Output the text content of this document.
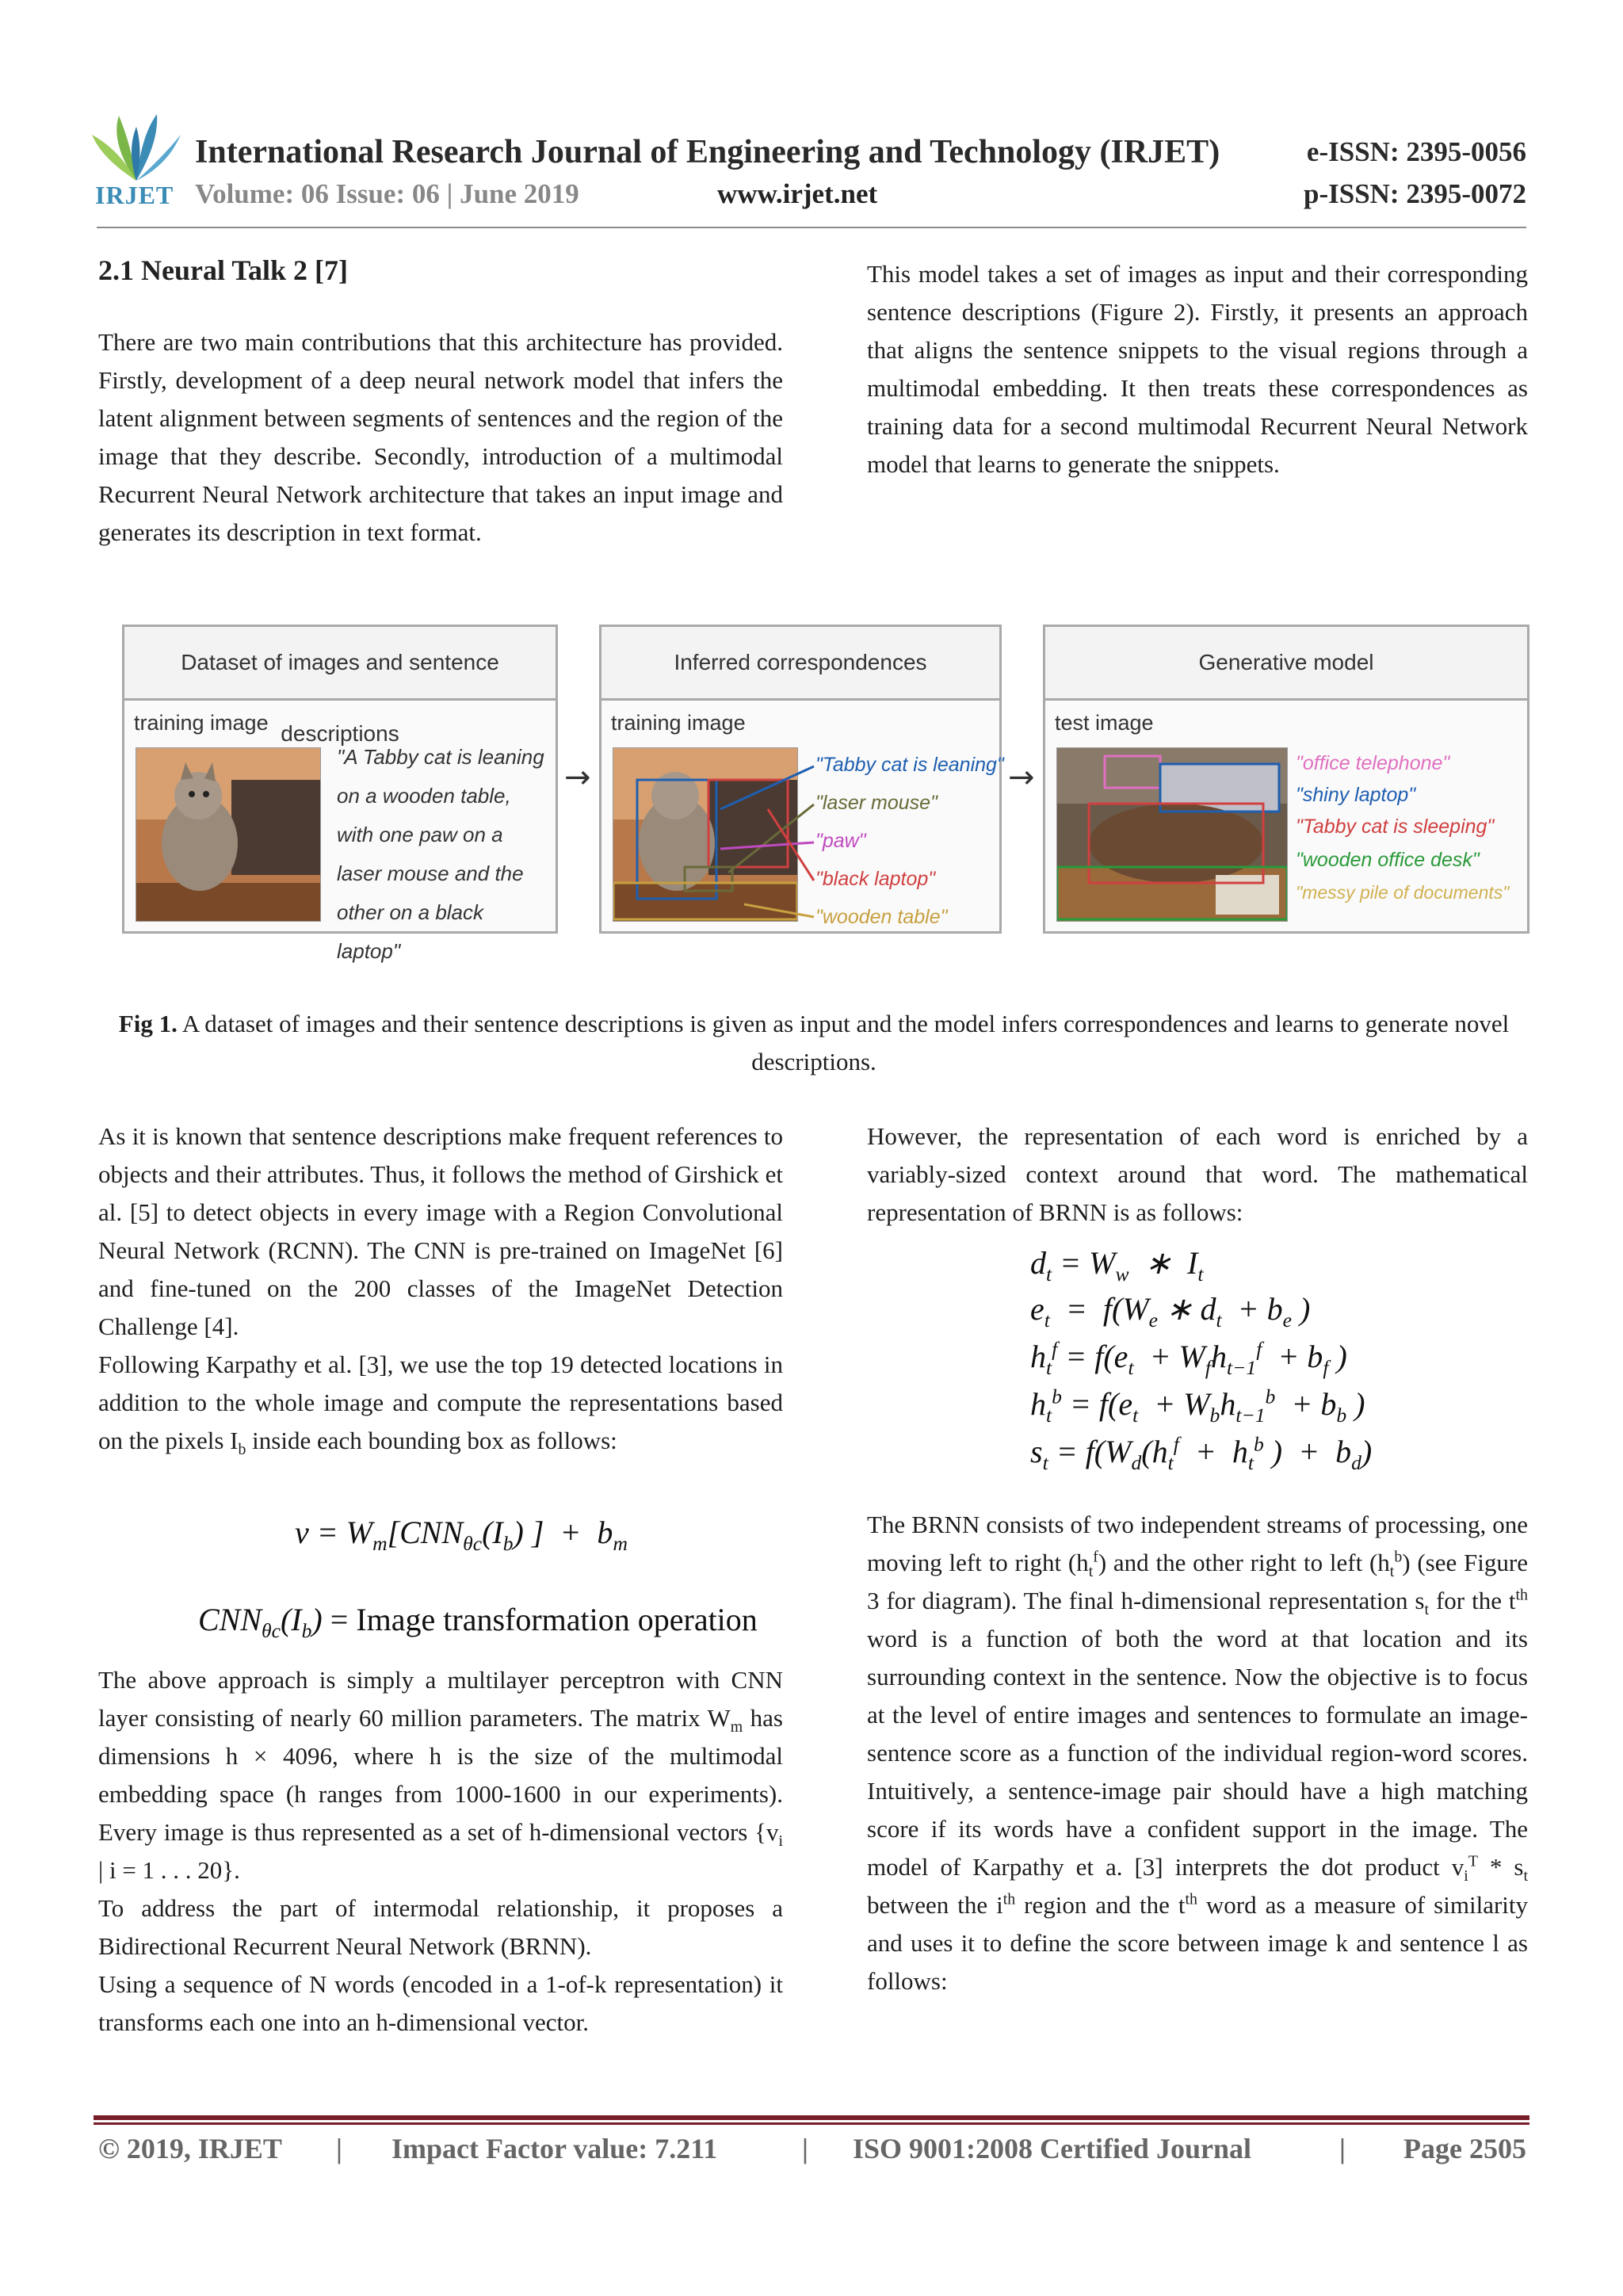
IRJET
International Research Journal of Engineering and Technology (IRJET)
Volume: 06 Issue: 06 | June 2019	www.irjet.net
e-ISSN: 2395-0056
p-ISSN: 2395-0072
2.1 Neural Talk 2 [7]

There are two main contributions that this architecture has provided. Firstly, development of a deep neural network model that infers the latent alignment between segments of sentences and the region of the image that they describe. Secondly, introduction of a multimodal Recurrent Neural Network architecture that takes an input image and generates its description in text format.

This model takes a set of images as input and their corresponding sentence descriptions (Figure 2). Firstly, it presents an approach that aligns the sentence snippets to the visual regions through a multimodal embedding. It then treats these correspondences as training data for a second multimodal Recurrent Neural Network model that learns to generate the snippets.

Dataset of images and sentence descriptions
training image
"A Tabby cat is leaning on a wooden table, with one paw on a laser mouse and the other on a black laptop"
→
Inferred correspondences
training image
"Tabby cat is leaning"
"laser mouse"
"paw"
"black laptop"
"wooden table"
→
Generative model
test image
"office telephone"
"shiny laptop"
"Tabby cat is sleeping"
"wooden office desk"
"messy pile of documents"
Fig 1. A dataset of images and their sentence descriptions is given as input and the model infers correspondences and learns to generate novel descriptions.

As it is known that sentence descriptions make frequent references to objects and their attributes. Thus, it follows the method of Girshick et al. [5] to detect objects in every image with a Region Convolutional Neural Network (RCNN). The CNN is pre-trained on ImageNet [6] and fine-tuned on the 200 classes of the ImageNet Detection Challenge [4].

Following Karpathy et al. [3], we use the top 19 detected locations in addition to the whole image and compute the representations based on the pixels $I_b$ inside each bounding box as follows:

$v = W_m[CNN_{\theta c}(I_b)$ ]  +  $b_m$
$CNN_{\theta c}(I_b)$ = Image transformation operation

The above approach is simply a multilayer perceptron with CNN layer consisting of nearly 60 million parameters. The matrix $W_m$ has dimensions h × 4096, where h is the size of the multimodal embedding space (h ranges from 1000-1600 in our experiments). Every image is thus represented as a set of h-dimensional vectors {$v_i$ | i = 1 . . . 20}.

To address the part of intermodal relationship, it proposes a Bidirectional Recurrent Neural Network (BRNN).

Using a sequence of N words (encoded in a 1-of-k representation) it transforms each one into an h-dimensional vector.

However, the representation of each word is enriched by a variably-sized context around that word. The mathematical representation of BRNN is as follows:

$d_t = W_w$  ∗  $I_t$
$e_t = f(W_e$ ∗ $d_t + b_e$ )
$h_t^f = f(e_t + W_fh_{t-1}^f + b_f$ )
$h_t^b = f(e_t + W_bh_{t-1}^b + b_b$ )
$s_t = f(W_d(h_t^f + h_t^b$ )  +  $b_d$)

The BRNN consists of two independent streams of processing, one moving left to right $(h_t^f)$ and the other right to left $(h_t^b)$ (see Figure 3 for diagram). The final h-dimensional representation $s_t$ for the $t^{th}$ word is a function of both the word at that location and its surrounding context in the sentence. Now the objective is to focus at the level of entire images and sentences to formulate an image-sentence score as a function of the individual region-word scores. Intuitively, a sentence-image pair should have a high matching score if its words have a confident support in the image. The model of Karpathy et a. [3] interprets the dot product $v_i^T * s_t$ between the $i^{th}$ region and the $t^{th}$ word as a measure of similarity and uses it to define the score between image k and sentence l as follows:

© 2019, IRJET | Impact Factor value: 7.211	| ISO 9001:2008 Certified Journal	| Page 2505
